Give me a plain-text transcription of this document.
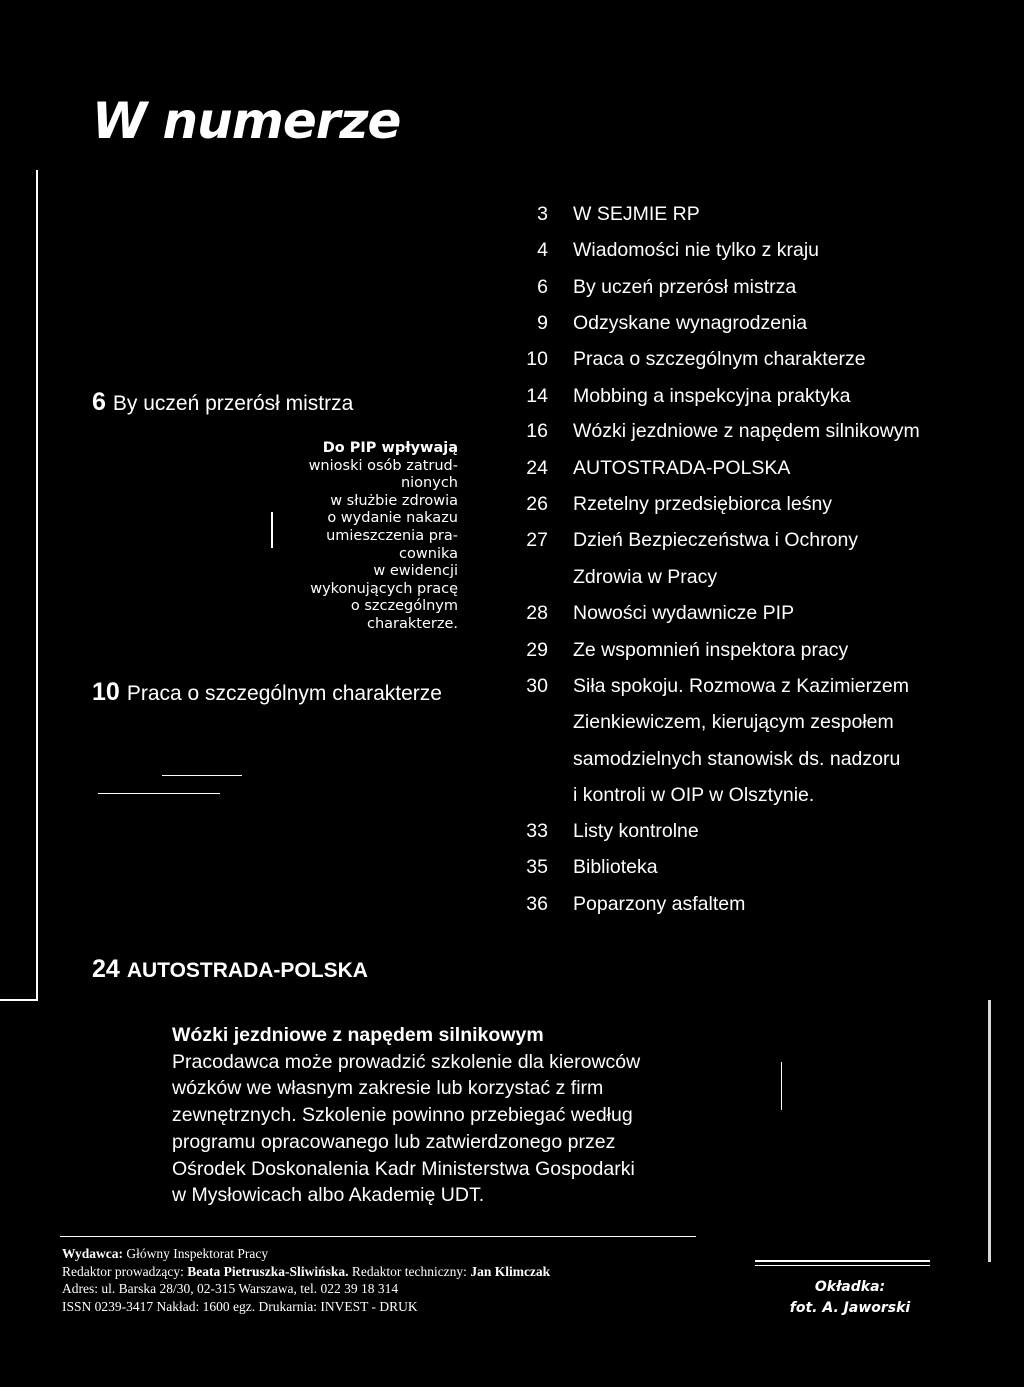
W numerze
6 By uczeń przerósł mistrza
Do PIP wpływają
wnioski osób zatrud-
nionych
w służbie zdrowia
o wydanie nakazu
umieszczenia pra-
cownika
w ewidencji
wykonujących pracę
o szczególnym
charakterze.
10 Praca o szczególnym charakterze
24 AUTOSTRADA-POLSKA
3 W SEJMIE RP
4 Wiadomości nie tylko z kraju
6 By uczeń przerósł mistrza
9 Odzyskane wynagrodzenia
10 Praca o szczególnym charakterze
14 Mobbing a inspekcyjna praktyka
16 Wózki jezdniowe z napędem silnikowym
24 AUTOSTRADA-POLSKA
26 Rzetelny przedsiębiorca leśny
27 Dzień Bezpieczeństwa i Ochrony
Zdrowia w Pracy
28 Nowości wydawnicze PIP
29 Ze wspomnień inspektora pracy
30 Siła spokoju. Rozmowa z Kazimierzem
Zienkiewiczem, kierującym zespołem
samodzielnych stanowisk ds. nadzoru
i kontroli w OIP w Olsztynie.
33 Listy kontrolne
35 Biblioteka
36 Poparzony asfaltem
Wózki jezdniowe z napędem silnikowym
Pracodawca może prowadzić szkolenie dla kierowców
wózków we własnym zakresie lub korzystać z firm
zewnętrznych. Szkolenie powinno przebiegać według
programu opracowanego lub zatwierdzonego przez
Ośrodek Doskonalenia Kadr Ministerstwa Gospodarki
w Mysłowicach albo Akademię UDT.
Wydawca: Główny Inspektorat Pracy
Redaktor prowadzący: Beata Pietruszka-Sliwińska. Redaktor techniczny: Jan Klimczak
Adres: ul. Barska 28/30, 02-315 Warszawa, tel. 022 39 18 314
ISSN 0239-3417 Nakład: 1600 egz. Drukarnia: INVEST - DRUK
Okładka:
fot. A. Jaworski
